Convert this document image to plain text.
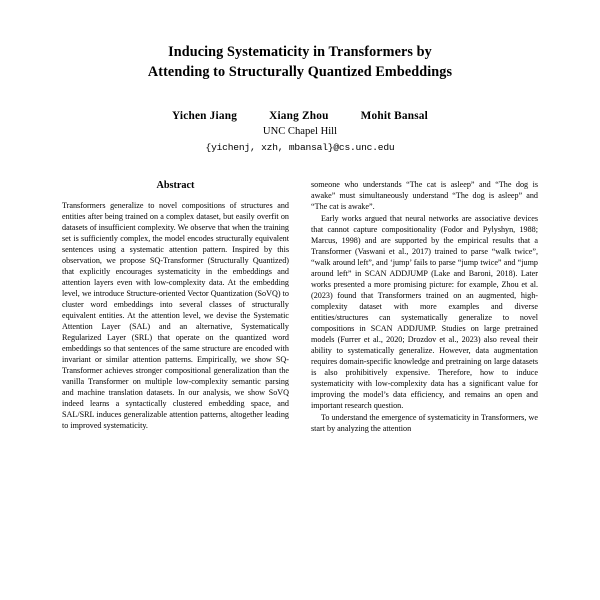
Inducing Systematicity in Transformers by
Attending to Structurally Quantized Embeddings
Yichen Jiang	Xiang Zhou	Mohit Bansal
UNC Chapel Hill
{yichenj, xzh, mbansal}@cs.unc.edu
Abstract

Transformers generalize to novel compositions of structures and entities after being trained on a complex dataset, but easily overfit on datasets of insufficient complexity. We observe that when the training set is sufficiently complex, the model encodes structurally equivalent sentences using a systematic attention pattern. Inspired by this observation, we propose SQ-Transformer (Structurally Quantized) that explicitly encourages systematicity in the embeddings and attention layers even with low-complexity data. At the embedding level, we introduce Structure-oriented Vector Quantization (SoVQ) to cluster word embeddings into several classes of structurally equivalent entities. At the attention level, we devise the Systematic Attention Layer (SAL) and an alternative, Systematically Regularized Layer (SRL) that operate on the quantized word embeddings so that sentences of the same structure are encoded with invariant or similar attention patterns. Empirically, we show SQ-Transformer achieves stronger compositional generalization than the vanilla Transformer on multiple low-complexity semantic parsing and machine translation datasets. In our analysis, we show SoVQ indeed learns a syntactically clustered embedding space, and SAL/SRL induces generalizable attention patterns, altogether leading to improved systematicity.

someone who understands “The cat is asleep” and “The dog is awake” must simultaneously understand “The dog is asleep” and “The cat is awake”.

Early works argued that neural networks are associative devices that cannot capture compositionality (Fodor and Pylyshyn, 1988; Marcus, 1998) and are supported by the empirical results that a Transformer (Vaswani et al., 2017) trained to parse “walk twice”, “walk around left”, and ‘jump’ fails to parse “jump twice” and “jump around left” in SCAN ADDJUMP (Lake and Baroni, 2018). Later works presented a more promising picture: for example, Zhou et al. (2023) found that Transformers trained on an augmented, high-complexity dataset with more examples and diverse entities/structures can systematically generalize to novel compositions in SCAN ADDJUMP. Studies on large pretrained models (Furrer et al., 2020; Drozdov et al., 2023) also reveal their ability to systematically generalize. However, data augmentation requires domain-specific knowledge and pretraining on large datasets is also prohibitively expensive. Therefore, how to induce systematicity with low-complexity data has a significant value for improving the model’s data efficiency, and remains an open and important research question.

To understand the emergence of systematicity in Transformers, we start by analyzing the attention
